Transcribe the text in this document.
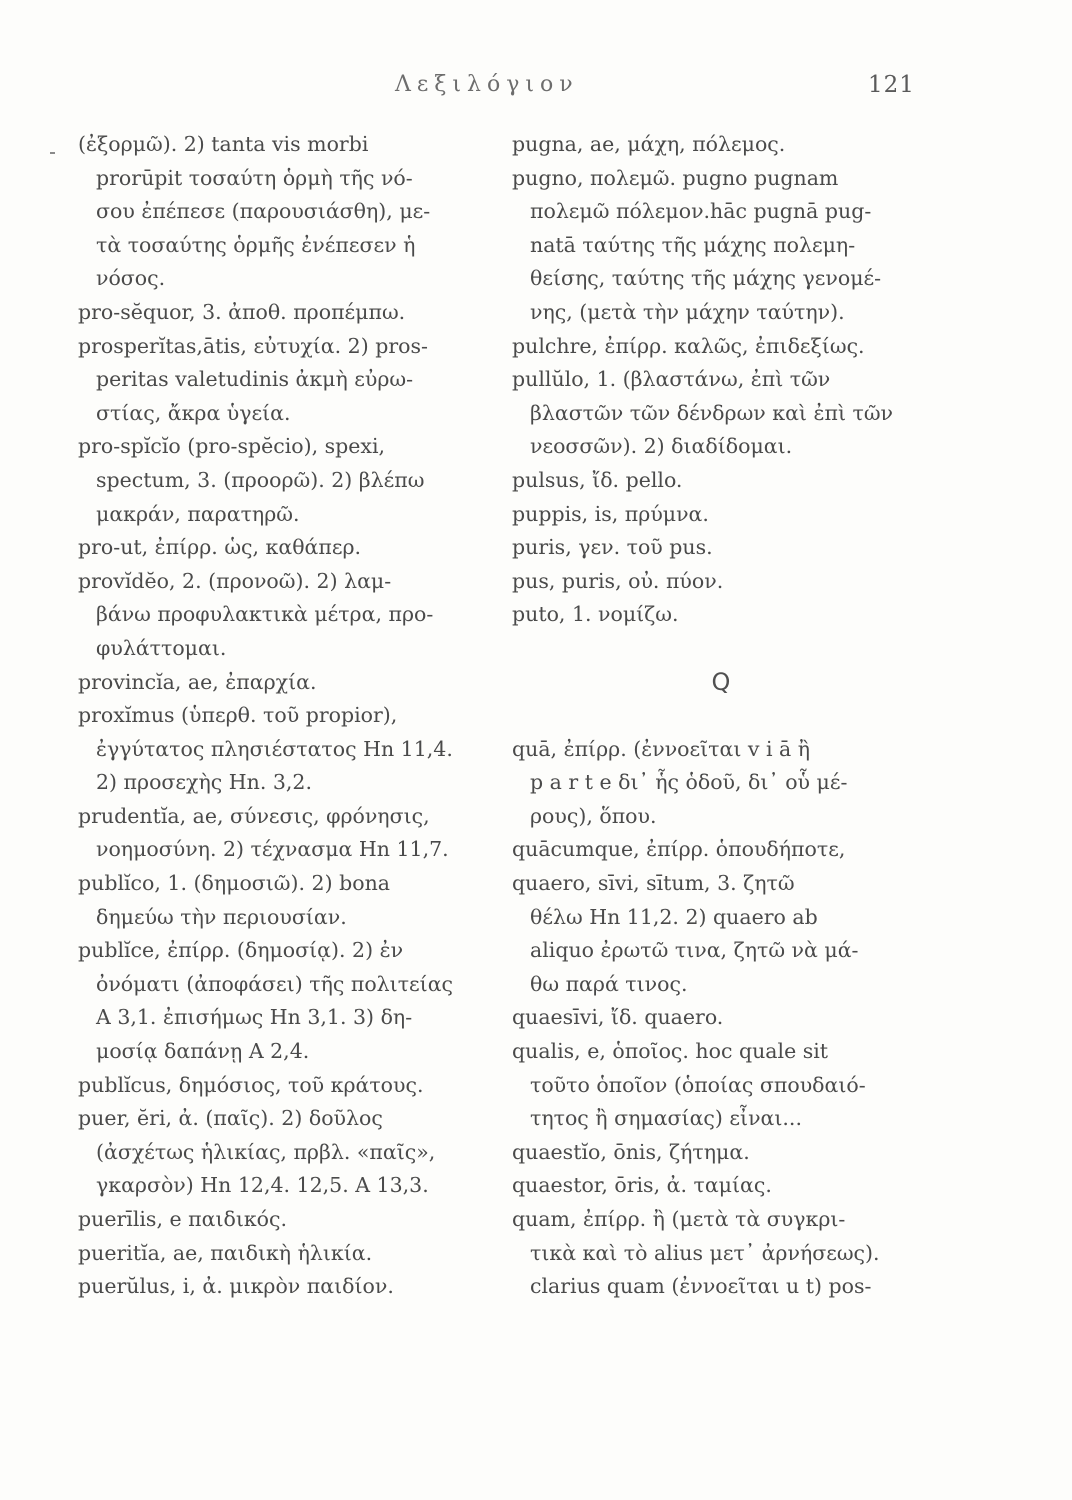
Λεξιλόγιον	121
(ἐξορμῶ). 2) tanta vis morbi
prorūpit τοσαύτη ὁρμὴ τῆς νό-
σου ἐπέπεσε (παρουσιάσθη), με-
τὰ τοσαύτης ὁρμῆς ἐνέπεσεν ἡ
νόσος.
pro-sĕquor, 3. ἀποθ. προπέμπω.
prosperĭtas,ātis, εὐτυχία. 2) pros-
peritas valetudinis ἀκμὴ εὐρω-
στίας, ἄκρα ὑγεία.
pro-spĭcĭo (pro-spĕcio), spexi,
spectum, 3. (προορῶ). 2) βλέπω
μακράν, παρατηρῶ.
pro-ut, ἐπίρρ. ὡς, καθάπερ.
provĭdĕo, 2. (προνοῶ). 2) λαμ-
βάνω προφυλακτικὰ μέτρα, προ-
φυλάττομαι.
provincĭa, ae, ἐπαρχία.
proxĭmus (ὑπερθ. τοῦ propior),
ἐγγύτατος πλησιέστατος Hn 11,4.
2) προσεχὴς Hn. 3,2.
prudentĭa, ae, σύνεσις, φρόνησις,
νοημοσύνη. 2) τέχνασμα Hn 11,7.
publĭco, 1. (δημοσιῶ). 2) bona
δημεύω τὴν περιουσίαν.
publĭce, ἐπίρρ. (δημοσίᾳ). 2) ἐν
ὀνόματι (ἀποφάσει) τῆς πολιτείας
A 3,1. ἐπισήμως Hn 3,1. 3) δη-
μοσίᾳ δαπάνῃ A 2,4.
publĭcus, δημόσιος, τοῦ κράτους.
puer, ĕri, ἀ. (παῖς). 2) δοῦλος
(ἀσχέτως ἡλικίας, πρβλ. «παῖς»,
γκαρσὸν) Hn 12,4. 12,5. A 13,3.
puerīlis, e παιδικός.
pueritĭa, ae, παιδικὴ ἡλικία.
puerŭlus, i, ἀ. μικρὸν παιδίον.
pugna, ae, μάχη, πόλεμος.
pugno, πολεμῶ. pugno pugnam
πολεμῶ πόλεμον.hāc pugnā pug-
natā ταύτης τῆς μάχης πολεμη-
θείσης, ταύτης τῆς μάχης γενομέ-
νης, (μετὰ τὴν μάχην ταύτην).
pulchre, ἐπίρρ. καλῶς, ἐπιδεξίως.
pullŭlo, 1. (βλαστάνω, ἐπὶ τῶν
βλαστῶν τῶν δένδρων καὶ ἐπὶ τῶν
νεοσσῶν). 2) διαδίδομαι.
pulsus, ἴδ. pello.
puppis, is, πρύμνα.
puris, γεν. τοῦ pus.
pus, puris, οὐ. πύον.
puto, 1. νομίζω.
Q
quā, ἐπίρρ. (ἐννοεῖται v i ā ἢ
p a r t e δι᾽ ἧς ὁδοῦ, δι᾽ οὗ μέ-
ρους), ὅπου.
quācumque, ἐπίρρ. ὁπουδήποτε,
quaero, sīvi, sītum, 3. ζητῶ
θέλω Hn 11,2. 2) quaero ab
aliquo ἐρωτῶ τινα, ζητῶ νὰ μά-
θω παρά τινος.
quaesīvi, ἴδ. quaero.
qualis, e, ὁποῖος. hoc quale sit
τοῦτο ὁποῖον (ὁποίας σπουδαιό-
τητος ἢ σημασίας) εἶναι...
quaestĭo, ōnis, ζήτημα.
quaestor, ōris, ἀ. ταμίας.
quam, ἐπίρρ. ἢ (μετὰ τὰ συγκρι-
τικὰ καὶ τὸ alius μετ᾽ ἀρνήσεως).
clarius quam (ἐννοεῖται u t) pos-
